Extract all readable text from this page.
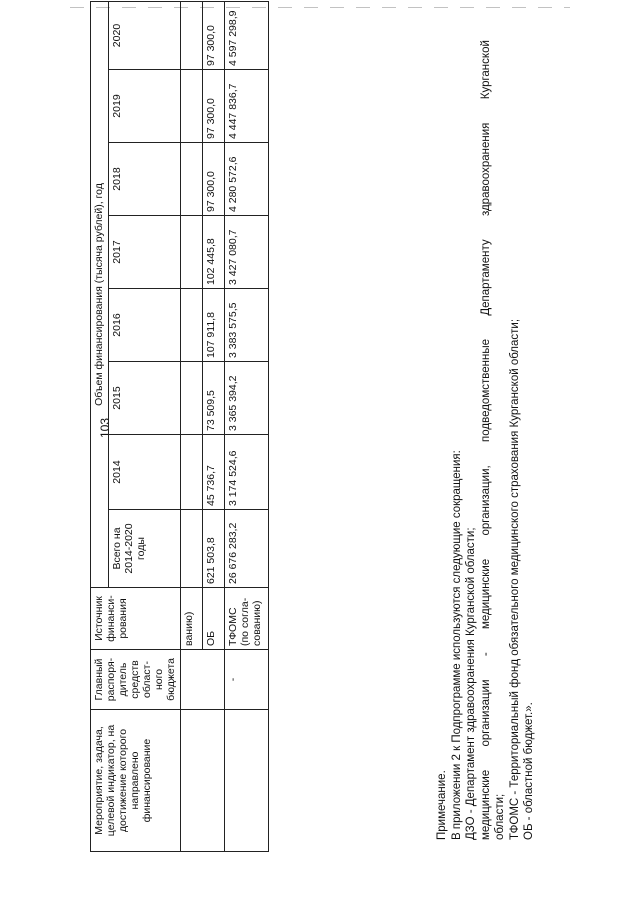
103
Мероприятие, задача, целевой индикатор, на достижение которого направлено финансирование	Главный распоря-дитель средств област-ного бюджета	Источник финанси-рования	Объем финансирования (тысяча рублей), год							
			Всего на 2014-2020 годы	2014	2015	2016	2017	2018	2019	2020
		ванию)								
		ОБ	621 503,8	45 736,7	73 509,5	107 911,8	102 445,8	97 300,0	97 300,0	97 300,0
	-	ТФОМС (по согла-сованию)	26 676 283,2	3 174 524,6	3 365 394,2	3 383 575,5	3 427 080,7	4 280 572,6	4 447 836,7	4 597 298,9
Примечание. В приложении 2 к Подпрограмме используются следующие сокращения: ДЗО - Департамент здравоохранения Курганской области; медицинские
организации
-
медицинские
организации,
подведомственные
Департаменту
здравоохранения
Курганской
области; ТФОМС - Территориальный фонд обязательного медицинского страхования Курганской области; ОБ - областной бюджет.».
